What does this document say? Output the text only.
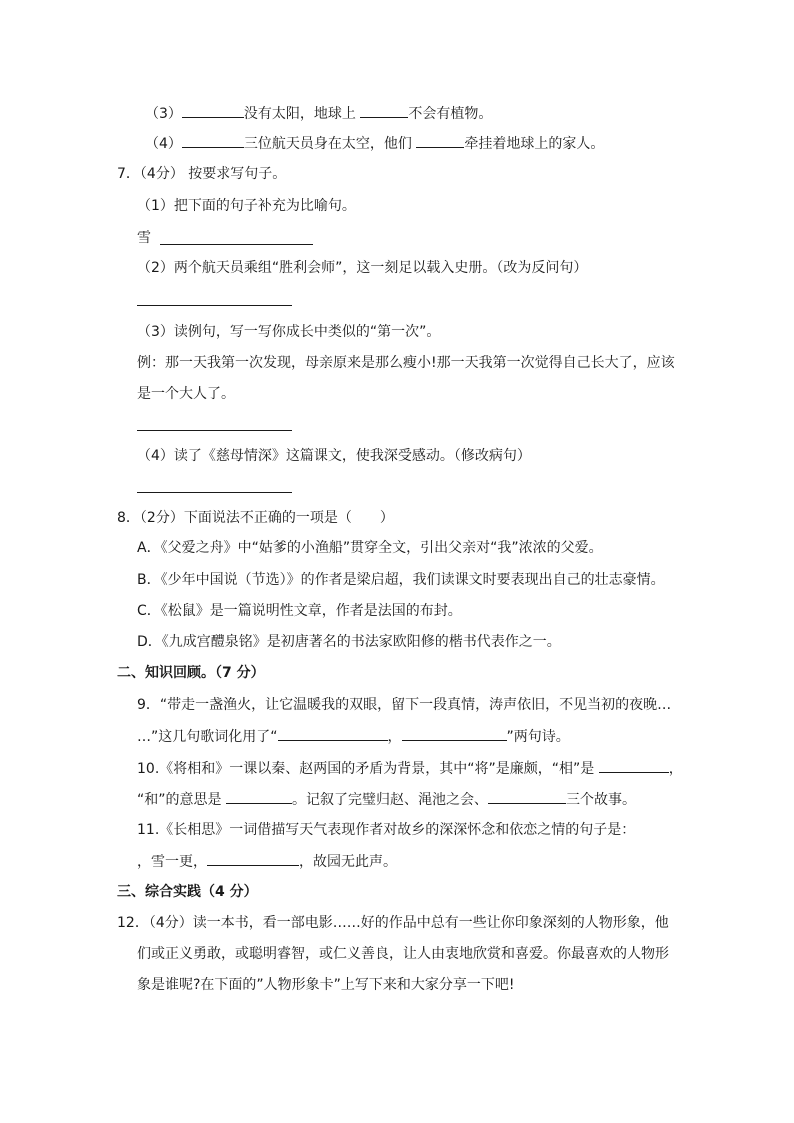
（3）	没有太阳，地球上	不会有植物。
（4）	三位航天员身在太空，他们	牵挂着地球上的家人。
7．（4分） 按要求写句子。
（1）把下面的句子补充为比喻句。
雪
（2）两个航天员乘组“胜利会师”，这一刻足以载入史册。（改为反问句）
（3）读例句，写一写你成长中类似的“第一次”。
例：那一天我第一次发现，母亲原来是那么瘦小!那一天我第一次觉得自己长大了，应该
是一个大人了。
（4）读了《慈母情深》这篇课文，使我深受感动。（修改病句）
8．（2分）下面说法不正确的一项是（　　）
A．《父爱之舟》中“姑爹的小渔船”贯穿全文，引出父亲对“我”浓浓的父爱。
B．《少年中国说（节选）》的作者是梁启超，我们读课文时要表现出自己的壮志豪情。
C．《松鼠》是一篇说明性文章，作者是法国的布封。
D．《九成宫醴泉铭》是初唐著名的书法家欧阳修的楷书代表作之一。
二、知识回顾。（7 分）
9．“带走一盏渔火，让它温暖我的双眼，留下一段真情，涛声依旧，不见当初的夜晚…
…”这几句歌词化用了“	，	”两句诗。
10.《将相和》一课以秦、赵两国的矛盾为背景，其中“将”是廉颇，“相”是	，
“和”的意思是	。记叙了完璧归赵、渑池之会、	三个故事。
11.《长相思》一词借描写天气表现作者对故乡的深深怀念和依恋之情的句子是：
，雪一更，	，故园无此声。
三、综合实践（4 分）
12．（4分）读一本书，看一部电影……好的作品中总有一些让你印象深刻的人物形象，他
们或正义勇敢，或聪明睿智，或仁义善良，让人由衷地欣赏和喜爱。你最喜欢的人物形
象是谁呢?在下面的”人物形象卡”上写下来和大家分享一下吧!
